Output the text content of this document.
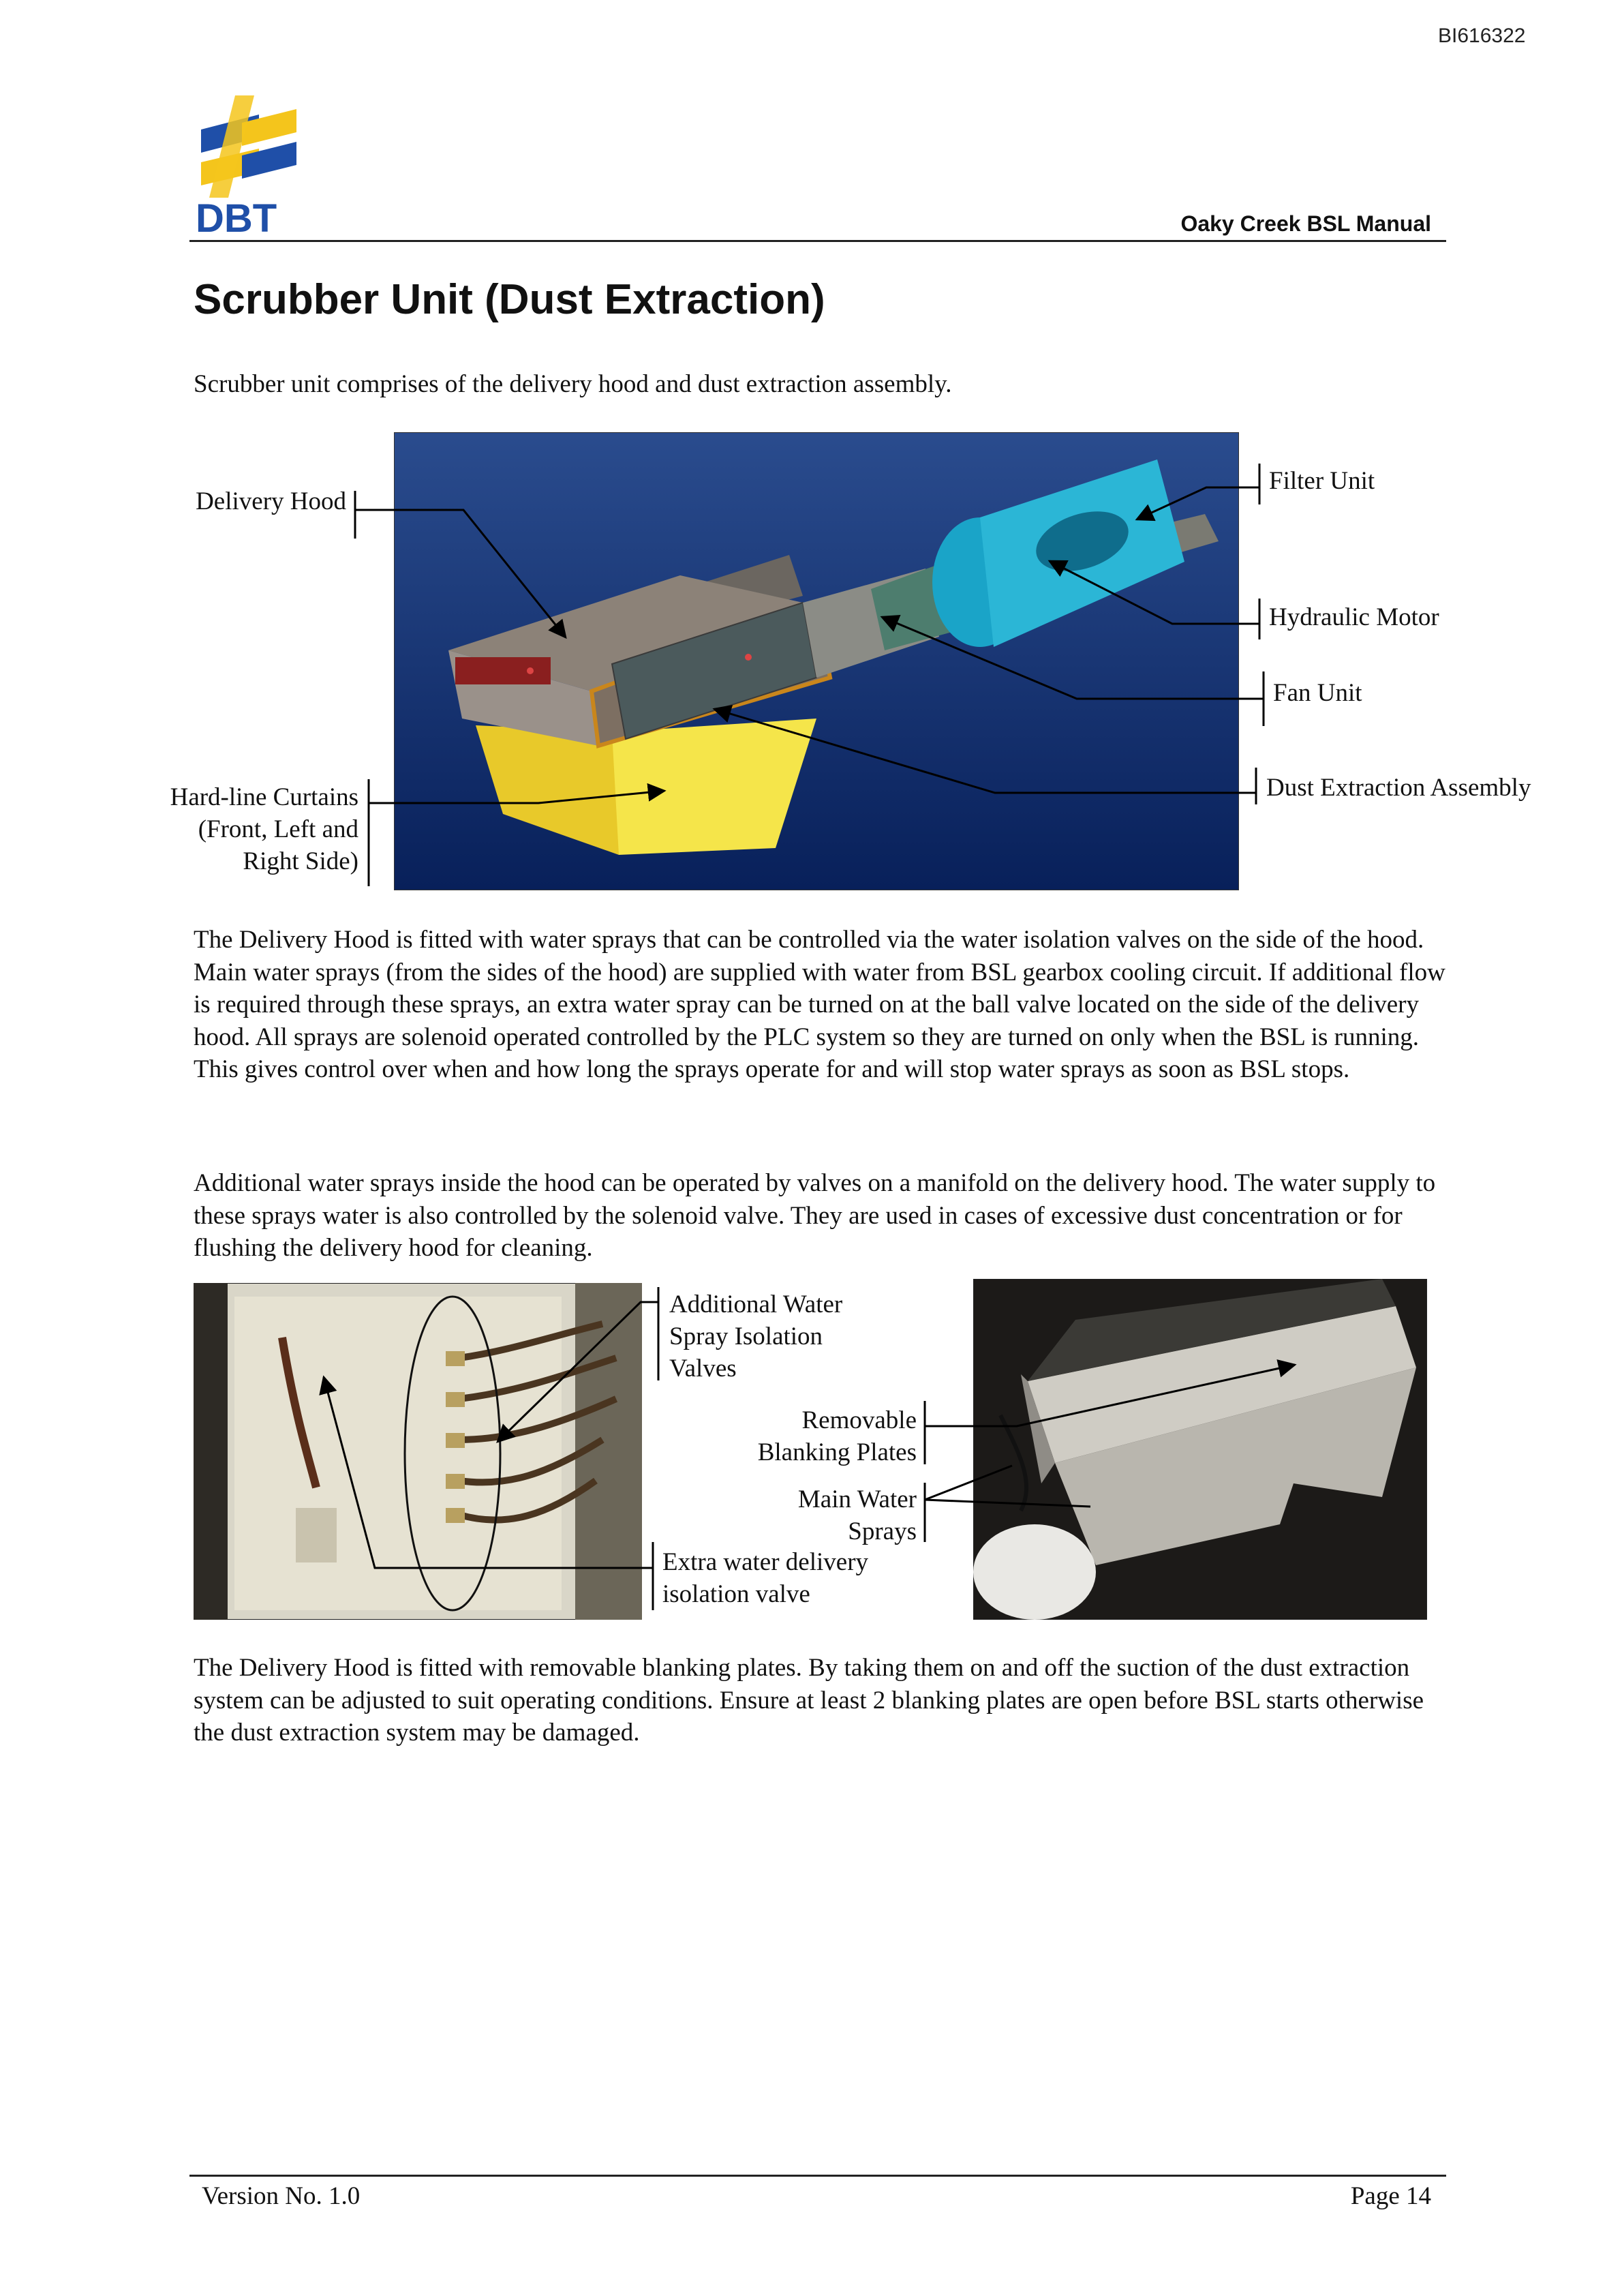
BI616322
DBT	Oaky Creek BSL Manual
Scrubber Unit (Dust Extraction)
Scrubber unit comprises of the delivery hood and dust extraction assembly.
Delivery Hood
Hard-line Curtains
(Front, Left and
Right Side)
Filter Unit
Hydraulic Motor
Fan Unit
Dust Extraction Assembly
The Delivery Hood is fitted with water sprays that can be controlled via the water isolation valves on the side of the hood. Main water sprays (from the sides of the hood) are supplied with water from BSL gearbox cooling circuit. If additional flow is required through these sprays, an extra water spray can be turned on at the ball valve located on the side of the delivery hood. All sprays are solenoid operated controlled by the PLC system so they are turned on only when the BSL is running. This gives control over when and how long the sprays operate for and will stop water sprays as soon as BSL stops.
Additional water sprays inside the hood can be operated by valves on a manifold on the delivery hood. The water supply to these sprays water is also controlled by the solenoid valve. They are used in cases of excessive dust concentration or for flushing the delivery hood for cleaning.
Additional Water
Spray Isolation
Valves
Removable
Blanking Plates
Main Water
Sprays
Extra water delivery
isolation valve
The Delivery Hood is fitted with removable blanking plates. By taking them on and off the suction of the dust extraction system can be adjusted to suit operating conditions. Ensure at least 2 blanking plates are open before BSL starts otherwise the dust extraction system may be damaged.
Version No. 1.0	Page 14
